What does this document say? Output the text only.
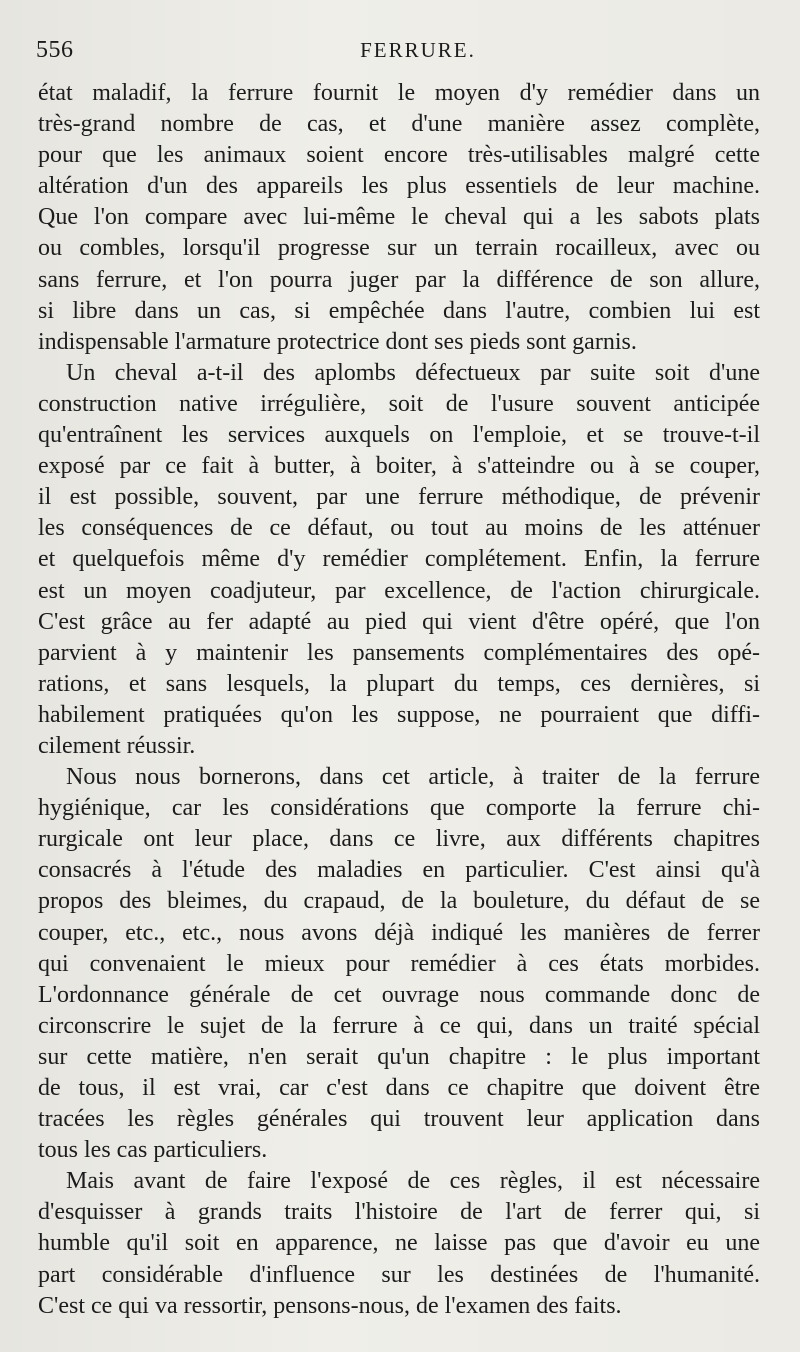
556	FERRURE.
état maladif, la ferrure fournit le moyen d'y remédier dans un
très-grand nombre de cas, et d'une manière assez complète,
pour que les animaux soient encore très-utilisables malgré cette
altération d'un des appareils les plus essentiels de leur machine.
Que l'on compare avec lui-même le cheval qui a les sabots plats
ou combles, lorsqu'il progresse sur un terrain rocailleux, avec ou
sans ferrure, et l'on pourra juger par la différence de son allure,
si libre dans un cas, si empêchée dans l'autre, combien lui est
indispensable l'armature protectrice dont ses pieds sont garnis.
Un cheval a-t-il des aplombs défectueux par suite soit d'une
construction native irrégulière, soit de l'usure souvent anticipée
qu'entraînent les services auxquels on l'emploie, et se trouve-t-il
exposé par ce fait à butter, à boiter, à s'atteindre ou à se couper,
il est possible, souvent, par une ferrure méthodique, de prévenir
les conséquences de ce défaut, ou tout au moins de les atténuer
et quelquefois même d'y remédier complétement. Enfin, la ferrure
est un moyen coadjuteur, par excellence, de l'action chirurgicale.
C'est grâce au fer adapté au pied qui vient d'être opéré, que l'on
parvient à y maintenir les pansements complémentaires des opé-
rations, et sans lesquels, la plupart du temps, ces dernières, si
habilement pratiquées qu'on les suppose, ne pourraient que diffi-
cilement réussir.
Nous nous bornerons, dans cet article, à traiter de la ferrure
hygiénique, car les considérations que comporte la ferrure chi-
rurgicale ont leur place, dans ce livre, aux différents chapitres
consacrés à l'étude des maladies en particulier. C'est ainsi qu'à
propos des bleimes, du crapaud, de la bouleture, du défaut de se
couper, etc., etc., nous avons déjà indiqué les manières de ferrer
qui convenaient le mieux pour remédier à ces états morbides.
L'ordonnance générale de cet ouvrage nous commande donc de
circonscrire le sujet de la ferrure à ce qui, dans un traité spécial
sur cette matière, n'en serait qu'un chapitre : le plus important
de tous, il est vrai, car c'est dans ce chapitre que doivent être
tracées les règles générales qui trouvent leur application dans
tous les cas particuliers.
Mais avant de faire l'exposé de ces règles, il est nécessaire
d'esquisser à grands traits l'histoire de l'art de ferrer qui, si
humble qu'il soit en apparence, ne laisse pas que d'avoir eu une
part considérable d'influence sur les destinées de l'humanité.
C'est ce qui va ressortir, pensons-nous, de l'examen des faits.
